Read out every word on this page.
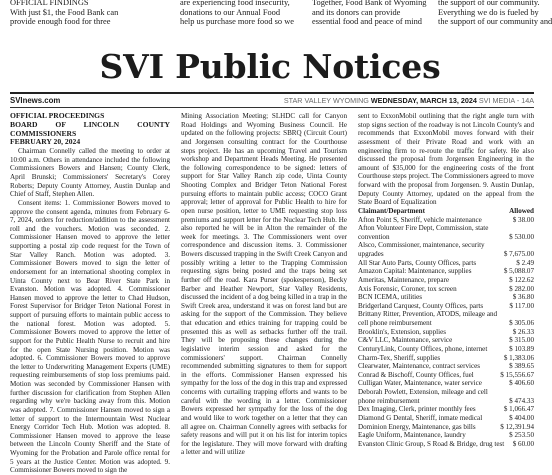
OFFICIAL FINDINGS
With just $1, the Food Bank can
provide enough food for three
are experiencing food insecurity,
donations to our Annual Food
help us purchase more food so we
Together, Food Bank of Wyoming
and its donors can provide
essential food and peace of mind
the support of our community.
Everything we do is fueled by
the support of our community and
SVI Public Notices
SVInews.com	STAR VALLEY WYOMING WEDNESDAY, MARCH 13, 2024 SVI MEDIA - 14A

OFFICIAL PROCEEDINGS

BOARD OF LINCOLN COUNTY COMMISSIONERS

FEBRUARY 20, 2024

Chairman Connelly called the meeting to order at 10:00 a.m. Others in attendance included the following Commissioners Bowers and Hansen; County Clerk, April Brunski; Commissioners' Secretary's Corey Roberts; Deputy County Attorney, Austin Dunlap and Chief of Staff, Stephen Allen.

Consent items: 1. Commissioner Bowers moved to approve the consent agenda, minutes from February 6-7, 2024, orders for reduction/addition to the assessment roll and the vouchers. Motion was seconded. 2. Commissioner Hansen moved to approve the letter supporting a postal zip code request for the Town of Star Valley Ranch. Motion was adopted. 3. Commissioner Bowers moved to sign the letter of endorsement for an international shooting complex in Uinta County next to Bear River State Park in Evanston. Motion was adopted. 4. Commissioner Hansen moved to approve the letter to Chad Hudson, Forest Supervisor for Bridger Teton National Forest in support of pursuing efforts to maintain public access to the national forest. Motion was adopted. 5. Commissioner Bowers moved to approve the letter of support for the Public Health Nurse to recruit and hire for the open State Nursing position. Motion was adopted. 6. Commissioner Bowers moved to approve the letter to Underwriting Management Experts (UME) requesting reimbursements of stop loss premiums paid. Motion was seconded by Commissioner Hansen with further discussion for clarification from Stephen Allen regarding why we're backing away from this. Motion was adopted. 7. Commissioner Hansen moved to sign a letter of support to the Intermountain West Nuclear Energy Corridor Tech Hub. Motion was adopted. 8. Commissioner Hansen moved to approve the lease between the Lincoln County Sheriff and the State of Wyoming for the Probation and Parole office rental for 5 years at the Justice Center. Motion was adopted. 9. Commissioner Bowers moved to sign the

Mining Association Meeting; SLHDC call for Canyon Road Holdings and Wyoming Business Council. He updated on the following projects: SBRQ (Circuit Court) and Jorgensen consulting contract for the Courthouse steps project. He has an upcoming Travel and Tourism workshop and Department Heads Meeting. He presented the following correspondence to be signed: letters of support for Star Valley Ranch zip code, Uinta County Shooting Complex and Bridger Teton National Forest pursuing efforts to maintain public access; COCO Grant approval; letter of approval for Public Health to hire for open nurse position, letter to UME requesting stop loss premiums and support letter for the Nuclear Tech Hub. He also reported he will be in Alton the remainder of the week for meetings. 3. The Commissioners went over correspondence and discussion items. 3. Commissioner Bowers discussed trapping in the Swift Creek Canyon and possibly writing a letter to the Trapping Commission requesting signs being posted and the traps being set further off the road. Kara Purser (spokesperson), Becky Barber and Heather Newport, Star Valley Residents, discussed the incident of a dog being killed in a trap in the Swift Creek area, understand it was on forest land but are asking for the support of the Commission. They believe that education and ethics training for trapping could be presented this as well as setbacks further off the trail. They will be proposing these changes during the legislative interim session and asked for the commissioners' support. Chairman Connelly recommended submitting signatures to them for support in the efforts. Commissioner Hansen expressed his sympathy for the loss of the dog in this trap and expressed concerns with curtailing trapping efforts and wants to be careful with the wording in a letter. Commissioner Bowers expressed her sympathy for the loss of the dog and would like to work together on a letter that they can all agree on. Chairman Connelly agrees with setbacks for safety reasons and will put it on his list for interim topics for the legislature. They will move forward with drafting a letter and will utilize

sent to ExxonMobil outlining that the right angle turn with stop signs section of the roadway is not Lincoln County's and recommends that ExxonMobil moves forward with their assessment of their Private Road and work with an engineering firm to re-route the traffic for safety. He also discussed the proposal from Jorgensen Engineering in the amount of $35,000 for the engineering costs of the front Courthouse steps project. The Commissioners agreed to move forward with the proposal from Jorgensen. 9. Austin Dunlap, Deputy County Attorney, updated on the appeal from the State Board of Equalization

Claimant/Department	Allowed
Afton Point S, Sheriff, vehicle maintenance	$ 38.00
Afton Volunteer Fire Dept, Commission, state convention	$ 530.00
Alsco, Commissioner, maintenance, security upgrades	$ 7,675.00
All Star Auto Parts, County Offices, parts	$ 2.49
Amazon Capital: Maintenance, supplies	$ 5,088.07
Ameritas, Maintenance, prepare	$ 122.62
Axis Forensic, Coroner, tox screen	$ 282.00
BCN ICEMA, utilities	$ 36.80
Bridgerland Carquest, County Offices, parts	$ 117.00
Brittany Ritter, Prevention, ATODS, mileage and cell phone reimbursement	$ 305.06
Brooklin's, Extension, supplies	$ 26.33
C&V LLC, Maintenance, service	$ 315.00
CenturyLink, County Offices, phone, internet	$ 103.89
Charm-Tex, Sheriff, supplies	$ 1,383.06
Clearwater, Maintenance, contract services	$ 389.65
Conrad & Bischoff, County Offices, fuel	$ 15,556.67
Culligan Water, Maintenance, water service	$ 406.60
Deborah Powlett, Extension, mileage and cell phone reimbursement	$ 474.33
Dex Imaging, Clerk, printer monthly fees	$ 1,066.47
Diamond G Dental, Sheriff, inmate medical	$ 404.00
Dominion Energy, Maintenance, gas bills	$ 12,391.94
Eagle Uniform, Maintenance, laundry	$ 253.50
Evanston Clinic Group, S Road & Bridge, drug test	$ 60.00
